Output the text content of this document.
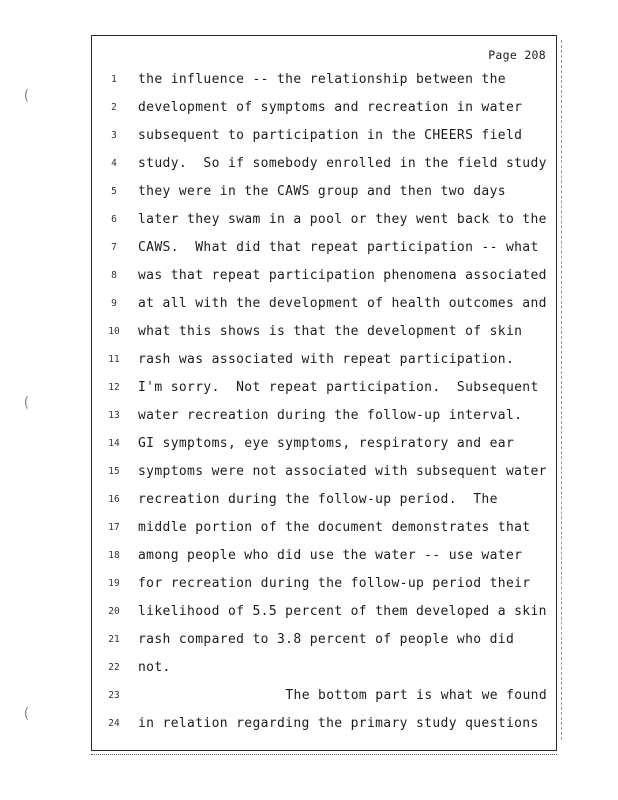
(
(
(
Page 208
1	the influence -- the relationship between the
2	development of symptoms and recreation in water
3	subsequent to participation in the CHEERS field
4	study.  So if somebody enrolled in the field study
5	they were in the CAWS group and then two days
6	later they swam in a pool or they went back to the
7	CAWS.  What did that repeat participation -- what
8	was that repeat participation phenomena associated
9	at all with the development of health outcomes and
10	what this shows is that the development of skin
11	rash was associated with repeat participation.
12	I'm sorry.  Not repeat participation.  Subsequent
13	water recreation during the follow-up interval.
14	GI symptoms, eye symptoms, respiratory and ear
15	symptoms were not associated with subsequent water
16	recreation during the follow-up period.  The
17	middle portion of the document demonstrates that
18	among people who did use the water -- use water
19	for recreation during the follow-up period their
20	likelihood of 5.5 percent of them developed a skin
21	rash compared to 3.8 percent of people who did
22	not.
23	The bottom part is what we found
24	in relation regarding the primary study questions
